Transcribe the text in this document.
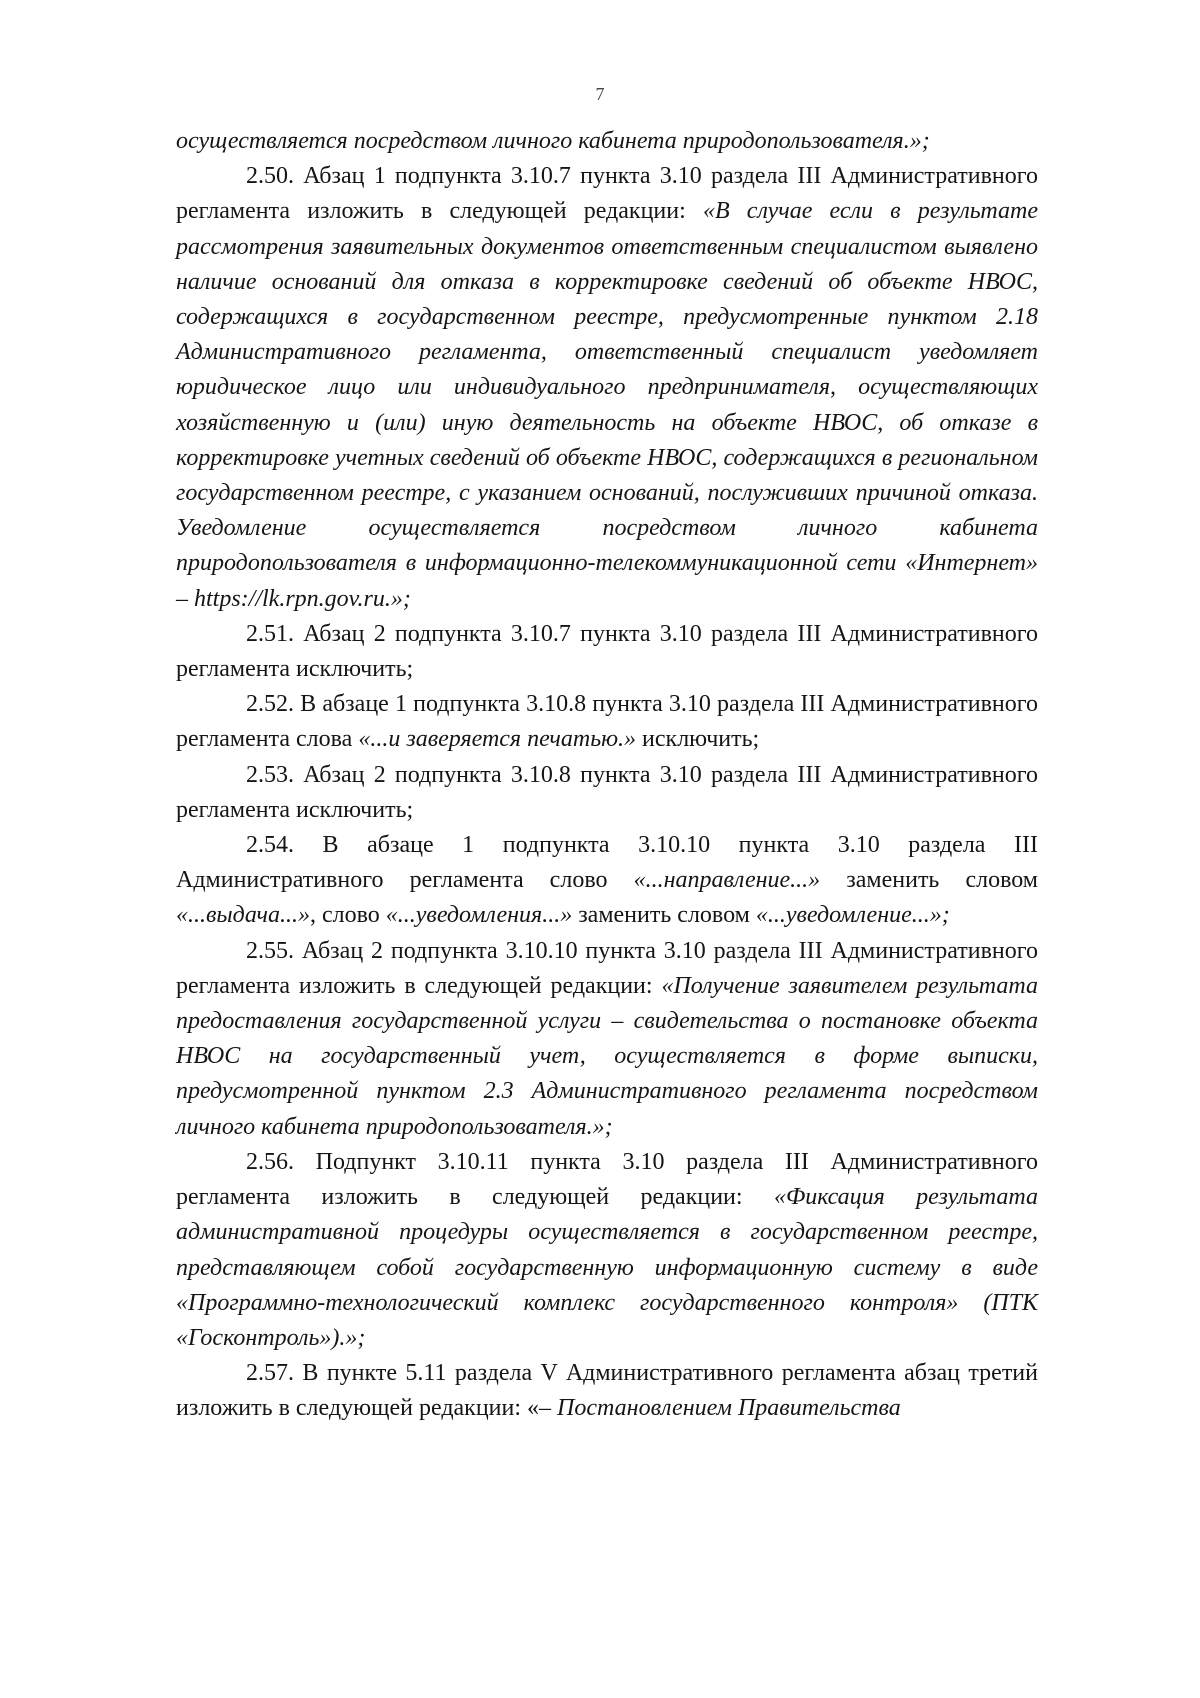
7

осуществляется посредством личного кабинета природопользователя.»;

2.50. Абзац 1 подпункта 3.10.7 пункта 3.10 раздела III Административного регламента изложить в следующей редакции: «В случае если в результате рассмотрения заявительных документов ответственным специалистом выявлено наличие оснований для отказа в корректировке сведений об объекте НВОС, содержащихся в государственном реестре, предусмотренные пунктом 2.18 Административного регламента, ответственный специалист уведомляет юридическое лицо или индивидуального предпринимателя, осуществляющих хозяйственную и (или) иную деятельность на объекте НВОС, об отказе в корректировке учетных сведений об объекте НВОС, содержащихся в региональном государственном реестре, с указанием оснований, послуживших причиной отказа. Уведомление осуществляется посредством личного кабинета природопользователя в информационно-телекоммуникационной сети «Интернет» – https://lk.rpn.gov.ru.»;

2.51. Абзац 2 подпункта 3.10.7 пункта 3.10 раздела III Административного регламента исключить;

2.52. В абзаце 1 подпункта 3.10.8 пункта 3.10 раздела III Административного регламента слова «...и заверяется печатью.» исключить;

2.53. Абзац 2 подпункта 3.10.8 пункта 3.10 раздела III Административного регламента исключить;

2.54. В абзаце 1 подпункта 3.10.10 пункта 3.10 раздела III Административного регламента слово «...направление...» заменить словом «...выдача...», слово «...уведомления...» заменить словом «...уведомление...»;

2.55. Абзац 2 подпункта 3.10.10 пункта 3.10 раздела III Административного регламента изложить в следующей редакции: «Получение заявителем результата предоставления государственной услуги – свидетельства о постановке объекта НВОС на государственный учет, осуществляется в форме выписки, предусмотренной пунктом 2.3 Административного регламента посредством личного кабинета природопользователя.»;

2.56. Подпункт 3.10.11 пункта 3.10 раздела III Административного регламента изложить в следующей редакции: «Фиксация результата административной процедуры осуществляется в государственном реестре, представляющем собой государственную информационную систему в виде «Программно-технологический комплекс государственного контроля» (ПТК «Госконтроль»).»;

2.57. В пункте 5.11 раздела V Административного регламента абзац третий изложить в следующей редакции: «– Постановлением Правительства
